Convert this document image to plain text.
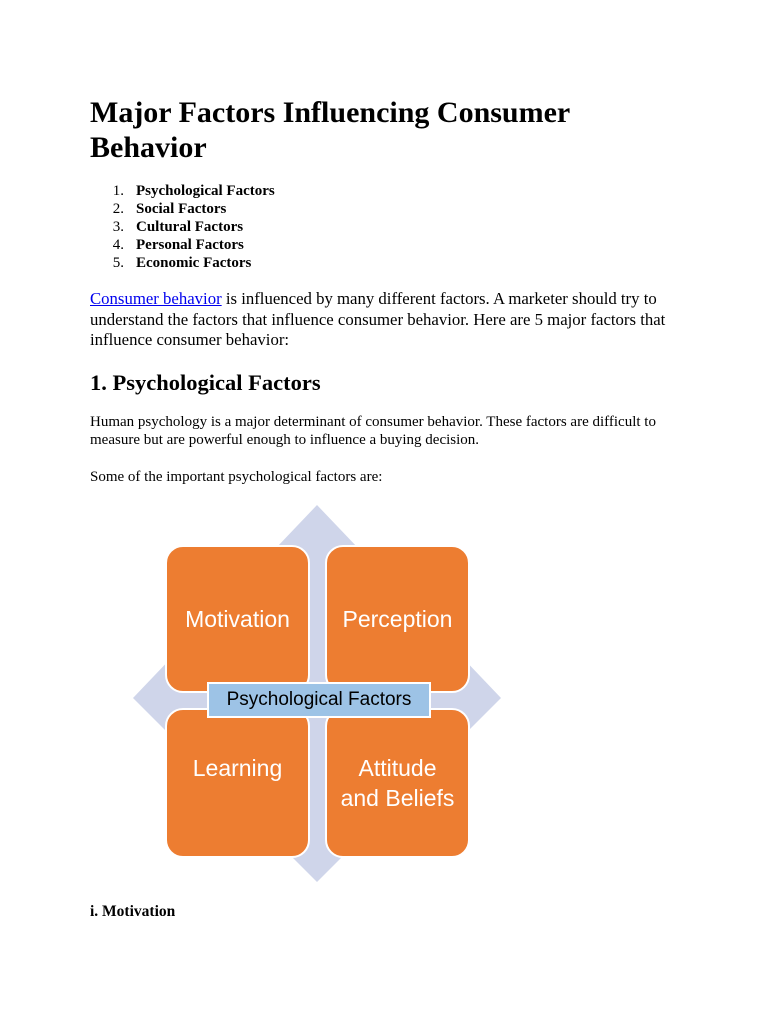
Major Factors Influencing Consumer Behavior
1. Psychological Factors
2. Social Factors
3. Cultural Factors
4. Personal Factors
5. Economic Factors

Consumer behavior is influenced by many different factors. A marketer should try to understand the factors that influence consumer behavior. Here are 5 major factors that influence consumer behavior:

1. Psychological Factors

Human psychology is a major determinant of consumer behavior. These factors are difficult to measure but are powerful enough to influence a buying decision.

Some of the important psychological factors are:

Motivation Perception
Learning	Attitude
and Beliefs
Psychological Factors
i. Motivation
